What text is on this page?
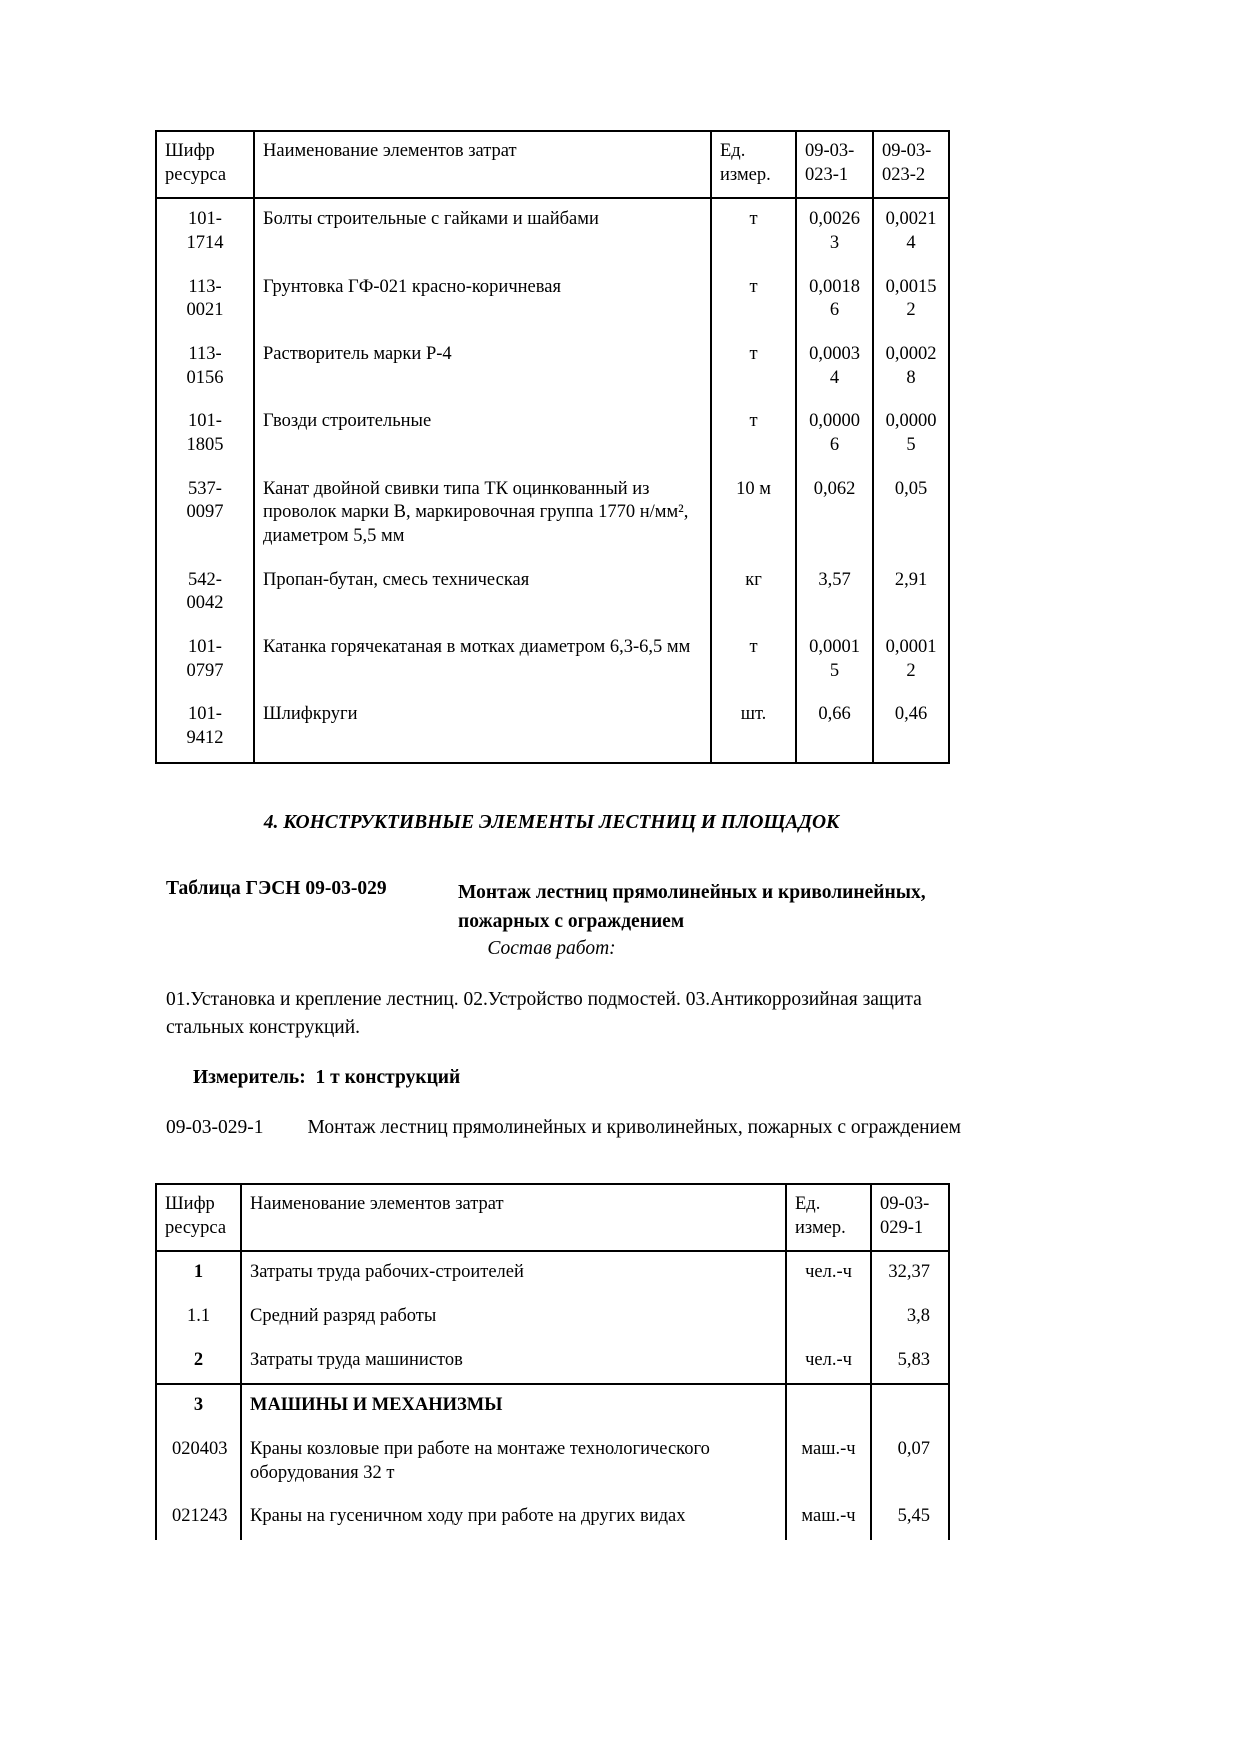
Шифр ресурса	Наименование элементов затрат	Ед. измер.	09-03-023-1	09-03-023-2
101-1714	Болты строительные с гайками и шайбами	т	0,00263	0,00214
113-0021	Грунтовка ГФ-021 красно-коричневая	т	0,00186	0,00152
113-0156	Растворитель марки Р-4	т	0,00034	0,00028
101-1805	Гвозди строительные	т	0,00006	0,00005
537-0097	Канат двойной свивки типа ТК оцинкованный из проволок марки В, маркировочная группа 1770 н/мм², диаметром 5,5 мм	10 м	0,062	0,05
542-0042	Пропан-бутан, смесь техническая	кг	3,57	2,91
101-0797	Катанка горячекатаная в мотках диаметром 6,3-6,5 мм	т	0,00015	0,00012
101-9412	Шлифкруги	шт.	0,66	0,46
4. КОНСТРУКТИВНЫЕ ЭЛЕМЕНТЫ ЛЕСТНИЦ И ПЛОЩАДОК
Таблица ГЭСН 09-03-029	Монтаж лестниц прямолинейных и криволинейных,
пожарных с ограждением
Состав работ:

01.Установка и крепление лестниц. 02.Устройство подмостей. 03.Антикоррозийная защита стальных конструкций.

Измеритель: 1 т конструкций

09-03-029-1 Монтаж лестниц прямолинейных и криволинейных, пожарных с ограждением
Шифр ресурса	Наименование элементов затрат	Ед. измер.	09-03-029-1
1	Затраты труда рабочих-строителей	чел.-ч	32,37
1.1	Средний разряд работы		3,8
2	Затраты труда машинистов	чел.-ч	5,83
3	МАШИНЫ И МЕХАНИЗМЫ		
020403	Краны козловые при работе на монтаже технологического оборудования 32 т	маш.-ч	0,07
021243	Краны на гусеничном ходу при работе на других видах	маш.-ч	5,45
